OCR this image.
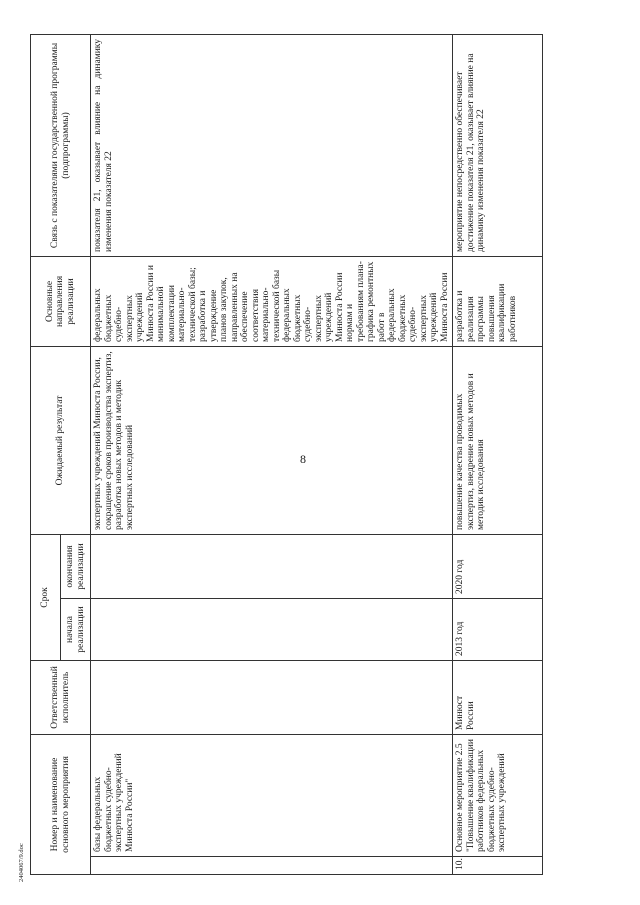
8
Номер и наименование основного мероприятия		Ответственный исполнитель	Срок		Ожидаемый результат	Основные направления реализации	Связь с показателями государственной программы (подпрограммы)
			начала реализации	окончания реализации			
	базы федеральных бюджетных судебно-экспертных учреждений Минюста России"				экспертных учреждений Минюста России, сокращение сроков производства экспертиз, разработка новых методов и методик экспертных исследований	федеральных бюджетных судебно-экспертных учреждений Минюста России и минимальной комплектации материально-технической базы; разработка и утверждение планов закупок, направленных на обеспечение соответствия материально-технической базы федеральных бюджетных судебно-экспертных учреждений Минюста России нормам и требованиям плана-графика ремонтных работ в федеральных бюджетных судебно-экспертных учреждений Минюста России	показателя 21, оказывает влияние на динамику изменения показателя 22
10.	Основное мероприятие 2.5 "Повышение квалификации работников федеральных бюджетных судебно-экспертных учреждений	Минюст России	2013 год	2020 год	повышение качества проводимых экспертиз, внедрение новых методов и методик исследования	разработка и реализация программы повышения квалификации работников	мероприятие непосредственно обеспечивает достижение показателя 21, оказывает влияние на динамику изменения показателя 22
2404067/9.doc
